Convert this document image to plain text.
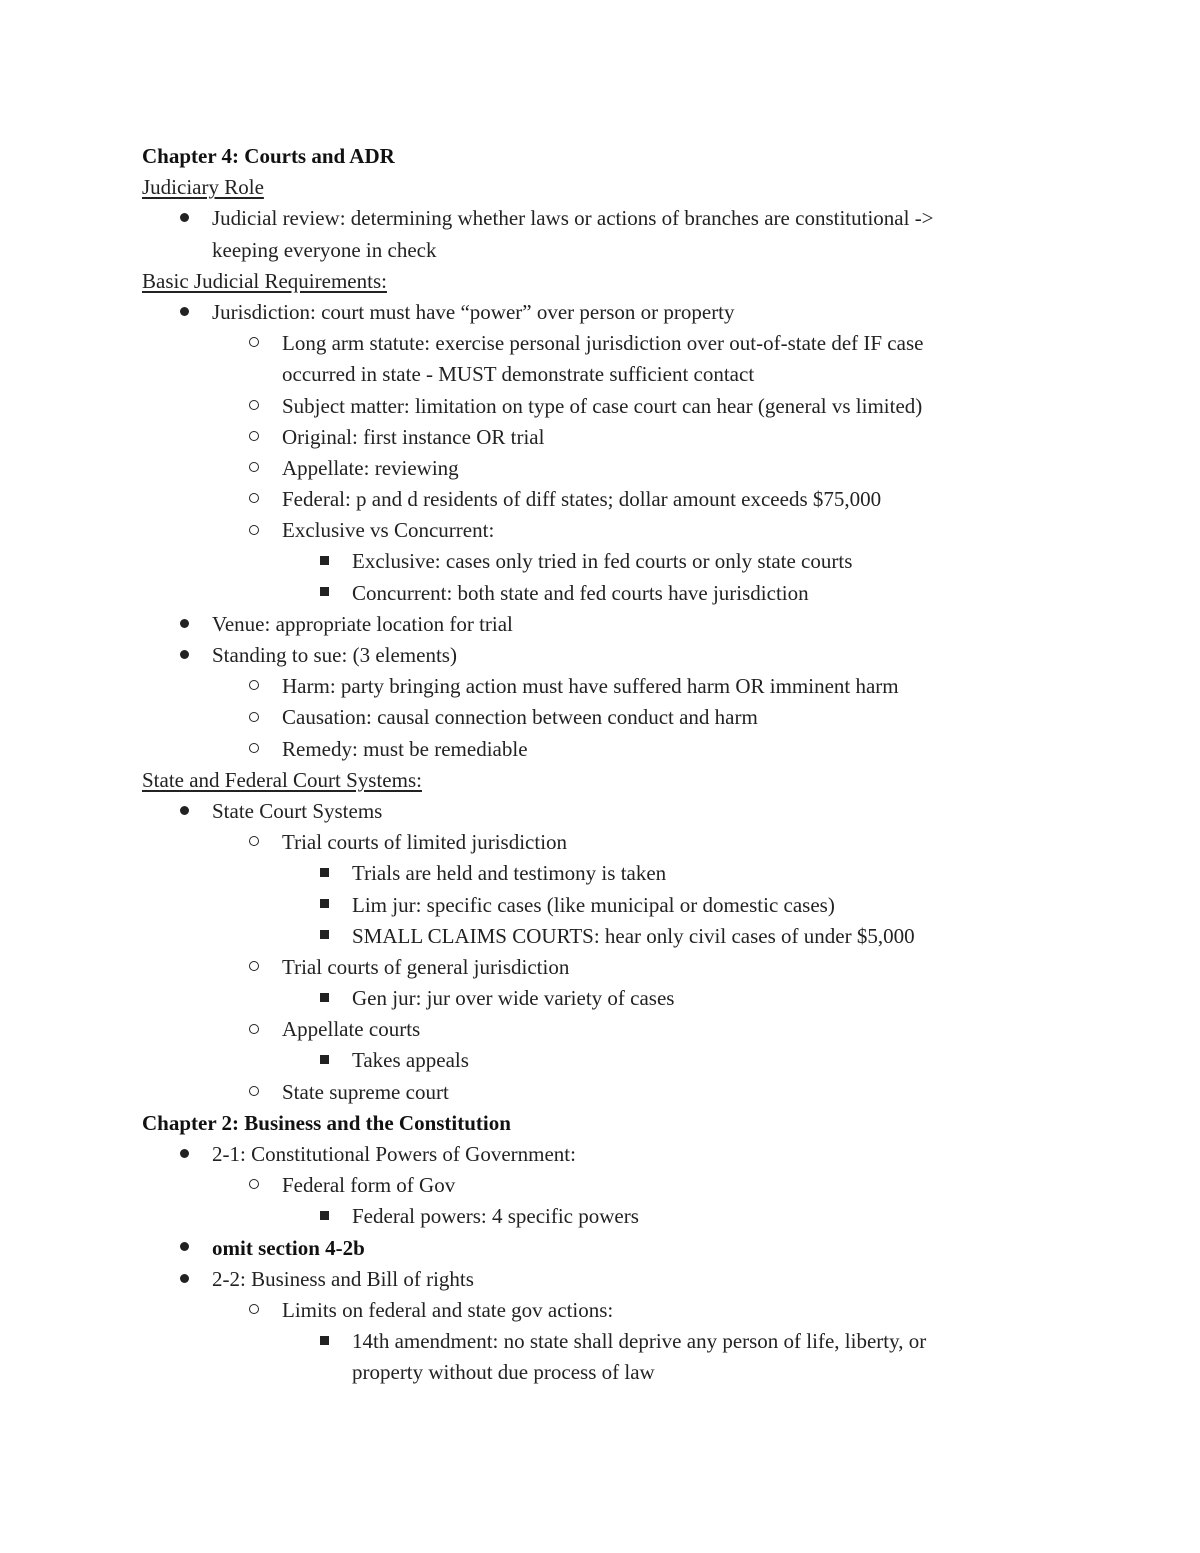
Chapter 4: Courts and ADR
Judiciary Role
Judicial review: determining whether laws or actions of branches are constitutional ->
keeping everyone in check
Basic Judicial Requirements:
Jurisdiction: court must have “power” over person or property
Long arm statute: exercise personal jurisdiction over out-of-state def IF case
occurred in state - MUST demonstrate sufficient contact
Subject matter: limitation on type of case court can hear (general vs limited)
Original: first instance OR trial
Appellate: reviewing
Federal: p and d residents of diff states; dollar amount exceeds $75,000
Exclusive vs Concurrent:
Exclusive: cases only tried in fed courts or only state courts
Concurrent: both state and fed courts have jurisdiction
Venue: appropriate location for trial
Standing to sue: (3 elements)
Harm: party bringing action must have suffered harm OR imminent harm
Causation: causal connection between conduct and harm
Remedy: must be remediable
State and Federal Court Systems:
State Court Systems
Trial courts of limited jurisdiction
Trials are held and testimony is taken
Lim jur: specific cases (like municipal or domestic cases)
SMALL CLAIMS COURTS: hear only civil cases of under $5,000
Trial courts of general jurisdiction
Gen jur: jur over wide variety of cases
Appellate courts
Takes appeals
State supreme court
Chapter 2: Business and the Constitution
2-1: Constitutional Powers of Government:
Federal form of Gov
Federal powers: 4 specific powers
omit section 4-2b
2-2: Business and Bill of rights
Limits on federal and state gov actions:
14th amendment: no state shall deprive any person of life, liberty, or
property without due process of law
